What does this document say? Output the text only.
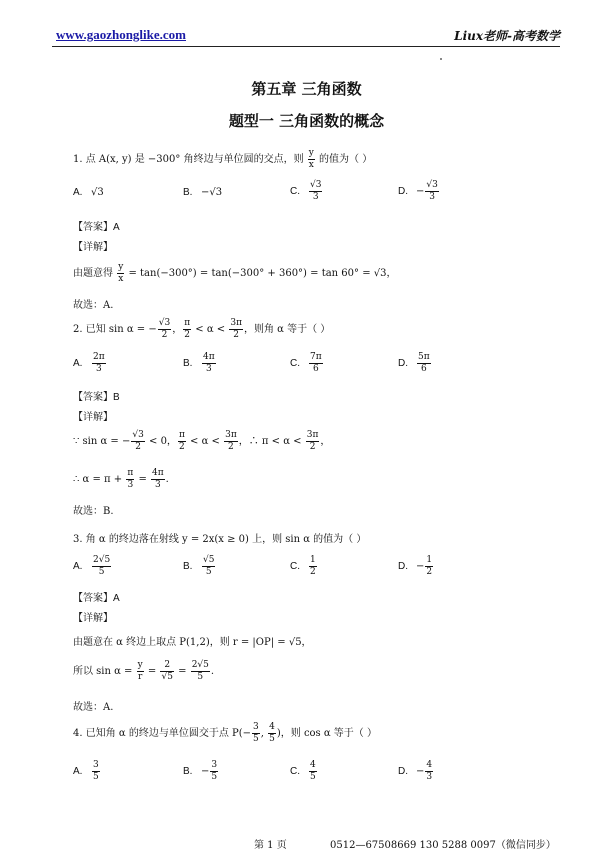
www.gaozhonglike.com	Liux老师-高考数学
第五章 三角函数
题型一 三角函数的概念
1. 点 A(x, y) 是 −300° 角终边与单位圆的交点，则 $\frac{y}{x}$ 的值为（ ）
A. √3	B. −√3	C. $\frac{√3}{3}$	D. − $\frac{√3}{3}$
【答案】A
【详解】
由题意得 $\frac{y}{x} = \tan(-300^\circ) = \tan(-300^\circ + 360^\circ) = \tan 60^\circ = √3$，
故选：A.
2. 已知 sin α = − $\frac{√3}{2}$ ， $\frac{\pi}{2} < \alpha < \frac{3\pi}{2}$ ，则角 α 等于（ ）
A. $\frac{2\pi}{3}$	B. $\frac{4\pi}{3}$	C. $\frac{7\pi}{6}$	D. $\frac{5\pi}{6}$
【答案】B
【详解】
∵ sin α = − $\frac{√3}{2} < 0$， $\frac{\pi}{2} < \alpha < \frac{3\pi}{2}$ ，∴ $\pi < \alpha < \frac{3\pi}{2}$ ，
∴ $\alpha = \pi + \frac{\pi}{3} = \frac{4\pi}{3}$ .
故选：B.
3. 角 α 的终边落在射线 y = 2x(x ≥ 0) 上，则 sin α 的值为（ ）
A. $\frac{2√5}{5}$	B. $\frac{√5}{5}$	C. $\frac{1}{2}$	D. − $\frac{1}{2}$
【答案】A
【详解】
由题意在 α 终边上取点 P(1,2)，则 r = |OP| = √5，
所以 $\sin \alpha = \frac{y}{r} = \frac{2}{√5} = \frac{2√5}{5}$ .
故选：A.
4. 已知角 α 的终边与单位圆交于点 $P(- \frac{3}{5}$ , $\frac{4}{5}$ )，则 cos α 等于（ ）
A. $\frac{3}{5}$	B. − $\frac{3}{5}$	C. $\frac{4}{5}$	D. − $\frac{4}{3}$
第 1 页	0512—67508669 130 5288 0097（微信同步）
